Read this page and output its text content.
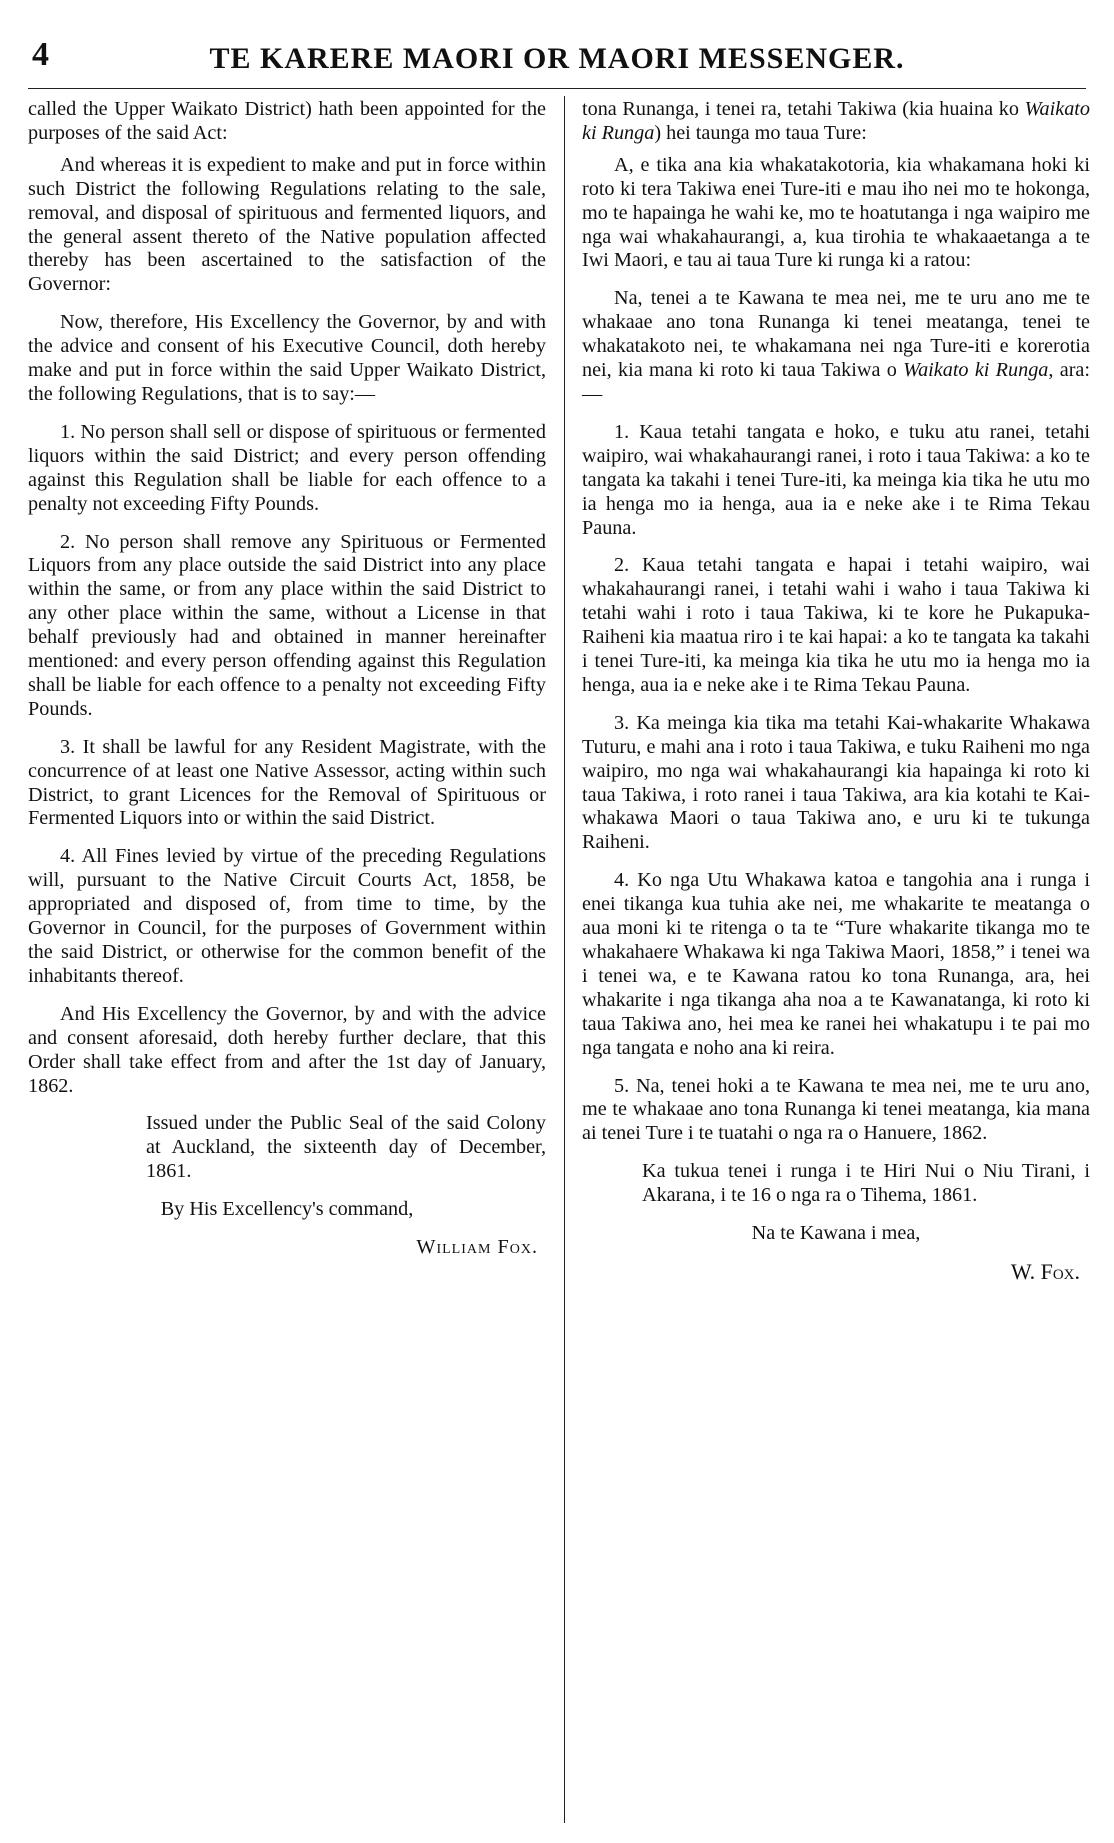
4	TE KARERE MAORI OR MAORI MESSENGER.

called the Upper Waikato District) hath been appointed for the purposes of the said Act:

And whereas it is expedient to make and put in force within such District the following Regulations relating to the sale, removal, and disposal of spirituous and fermented liquors, and the general assent thereto of the Native population affected thereby has been ascertained to the satisfaction of the Governor:

Now, therefore, His Excellency the Governor, by and with the advice and consent of his Executive Council, doth hereby make and put in force within the said Upper Waikato District, the following Regulations, that is to say:—

1. No person shall sell or dispose of spirituous or fermented liquors within the said District; and every person offending against this Regulation shall be liable for each offence to a penalty not exceeding Fifty Pounds.

2. No person shall remove any Spirituous or Fermented Liquors from any place outside the said District into any place within the same, or from any place within the said District to any other place within the same, without a License in that behalf previously had and obtained in manner hereinafter mentioned: and every person offending against this Regulation shall be liable for each offence to a penalty not exceeding Fifty Pounds.

3. It shall be lawful for any Resident Magistrate, with the concurrence of at least one Native Assessor, acting within such District, to grant Licences for the Removal of Spirituous or Fermented Liquors into or within the said District.

4. All Fines levied by virtue of the preceding Regulations will, pursuant to the Native Circuit Courts Act, 1858, be appropriated and disposed of, from time to time, by the Governor in Council, for the purposes of Government within the said District, or otherwise for the common benefit of the inhabitants thereof.

And His Excellency the Governor, by and with the advice and consent aforesaid, doth hereby further declare, that this Order shall take effect from and after the 1st day of January, 1862.

Issued under the Public Seal of the said Colony at Auckland, the sixteenth day of December, 1861.

By His Excellency's command,

William Fox.

tona Runanga, i tenei ra, tetahi Takiwa (kia huaina ko Waikato ki Runga) hei taunga mo taua Ture:

A, e tika ana kia whakatakotoria, kia whakamana hoki ki roto ki tera Takiwa enei Ture-iti e mau iho nei mo te hokonga, mo te hapainga he wahi ke, mo te hoatutanga i nga waipiro me nga wai whakahaurangi, a, kua tirohia te whakaaetanga a te Iwi Maori, e tau ai taua Ture ki runga ki a ratou:

Na, tenei a te Kawana te mea nei, me te uru ano me te whakaae ano tona Runanga ki tenei meatanga, tenei te whakatakoto nei, te whakamana nei nga Ture-iti e korerotia nei, kia mana ki roto ki taua Takiwa o Waikato ki Runga, ara:—

1. Kaua tetahi tangata e hoko, e tuku atu ranei, tetahi waipiro, wai whakahaurangi ranei, i roto i taua Takiwa: a ko te tangata ka takahi i tenei Ture-iti, ka meinga kia tika he utu mo ia henga mo ia henga, aua ia e neke ake i te Rima Tekau Pauna.

2. Kaua tetahi tangata e hapai i tetahi waipiro, wai whakahaurangi ranei, i tetahi wahi i waho i taua Takiwa ki tetahi wahi i roto i taua Takiwa, ki te kore he Pukapuka-Raiheni kia maatua riro i te kai hapai: a ko te tangata ka takahi i tenei Ture-iti, ka meinga kia tika he utu mo ia henga mo ia henga, aua ia e neke ake i te Rima Tekau Pauna.

3. Ka meinga kia tika ma tetahi Kai-whakarite Whakawa Tuturu, e mahi ana i roto i taua Takiwa, e tuku Raiheni mo nga waipiro, mo nga wai whakahaurangi kia hapainga ki roto ki taua Takiwa, i roto ranei i taua Takiwa, ara kia kotahi te Kai-whakawa Maori o taua Takiwa ano, e uru ki te tukunga Raiheni.

4. Ko nga Utu Whakawa katoa e tangohia ana i runga i enei tikanga kua tuhia ake nei, me whakarite te meatanga o aua moni ki te ritenga o ta te “Ture whakarite tikanga mo te whakahaere Whakawa ki nga Takiwa Maori, 1858,” i tenei wa i tenei wa, e te Kawana ratou ko tona Runanga, ara, hei whakarite i nga tikanga aha noa a te Kawanatanga, ki roto ki taua Takiwa ano, hei mea ke ranei hei whakatupu i te pai mo nga tangata e noho ana ki reira.

5. Na, tenei hoki a te Kawana te mea nei, me te uru ano, me te whakaae ano tona Runanga ki tenei meatanga, kia mana ai tenei Ture i te tuatahi o nga ra o Hanuere, 1862.

Ka tukua tenei i runga i te Hiri Nui o Niu Tirani, i Akarana, i te 16 o nga ra o Tihema, 1861.

Na te Kawana i mea,

W. Fox.
